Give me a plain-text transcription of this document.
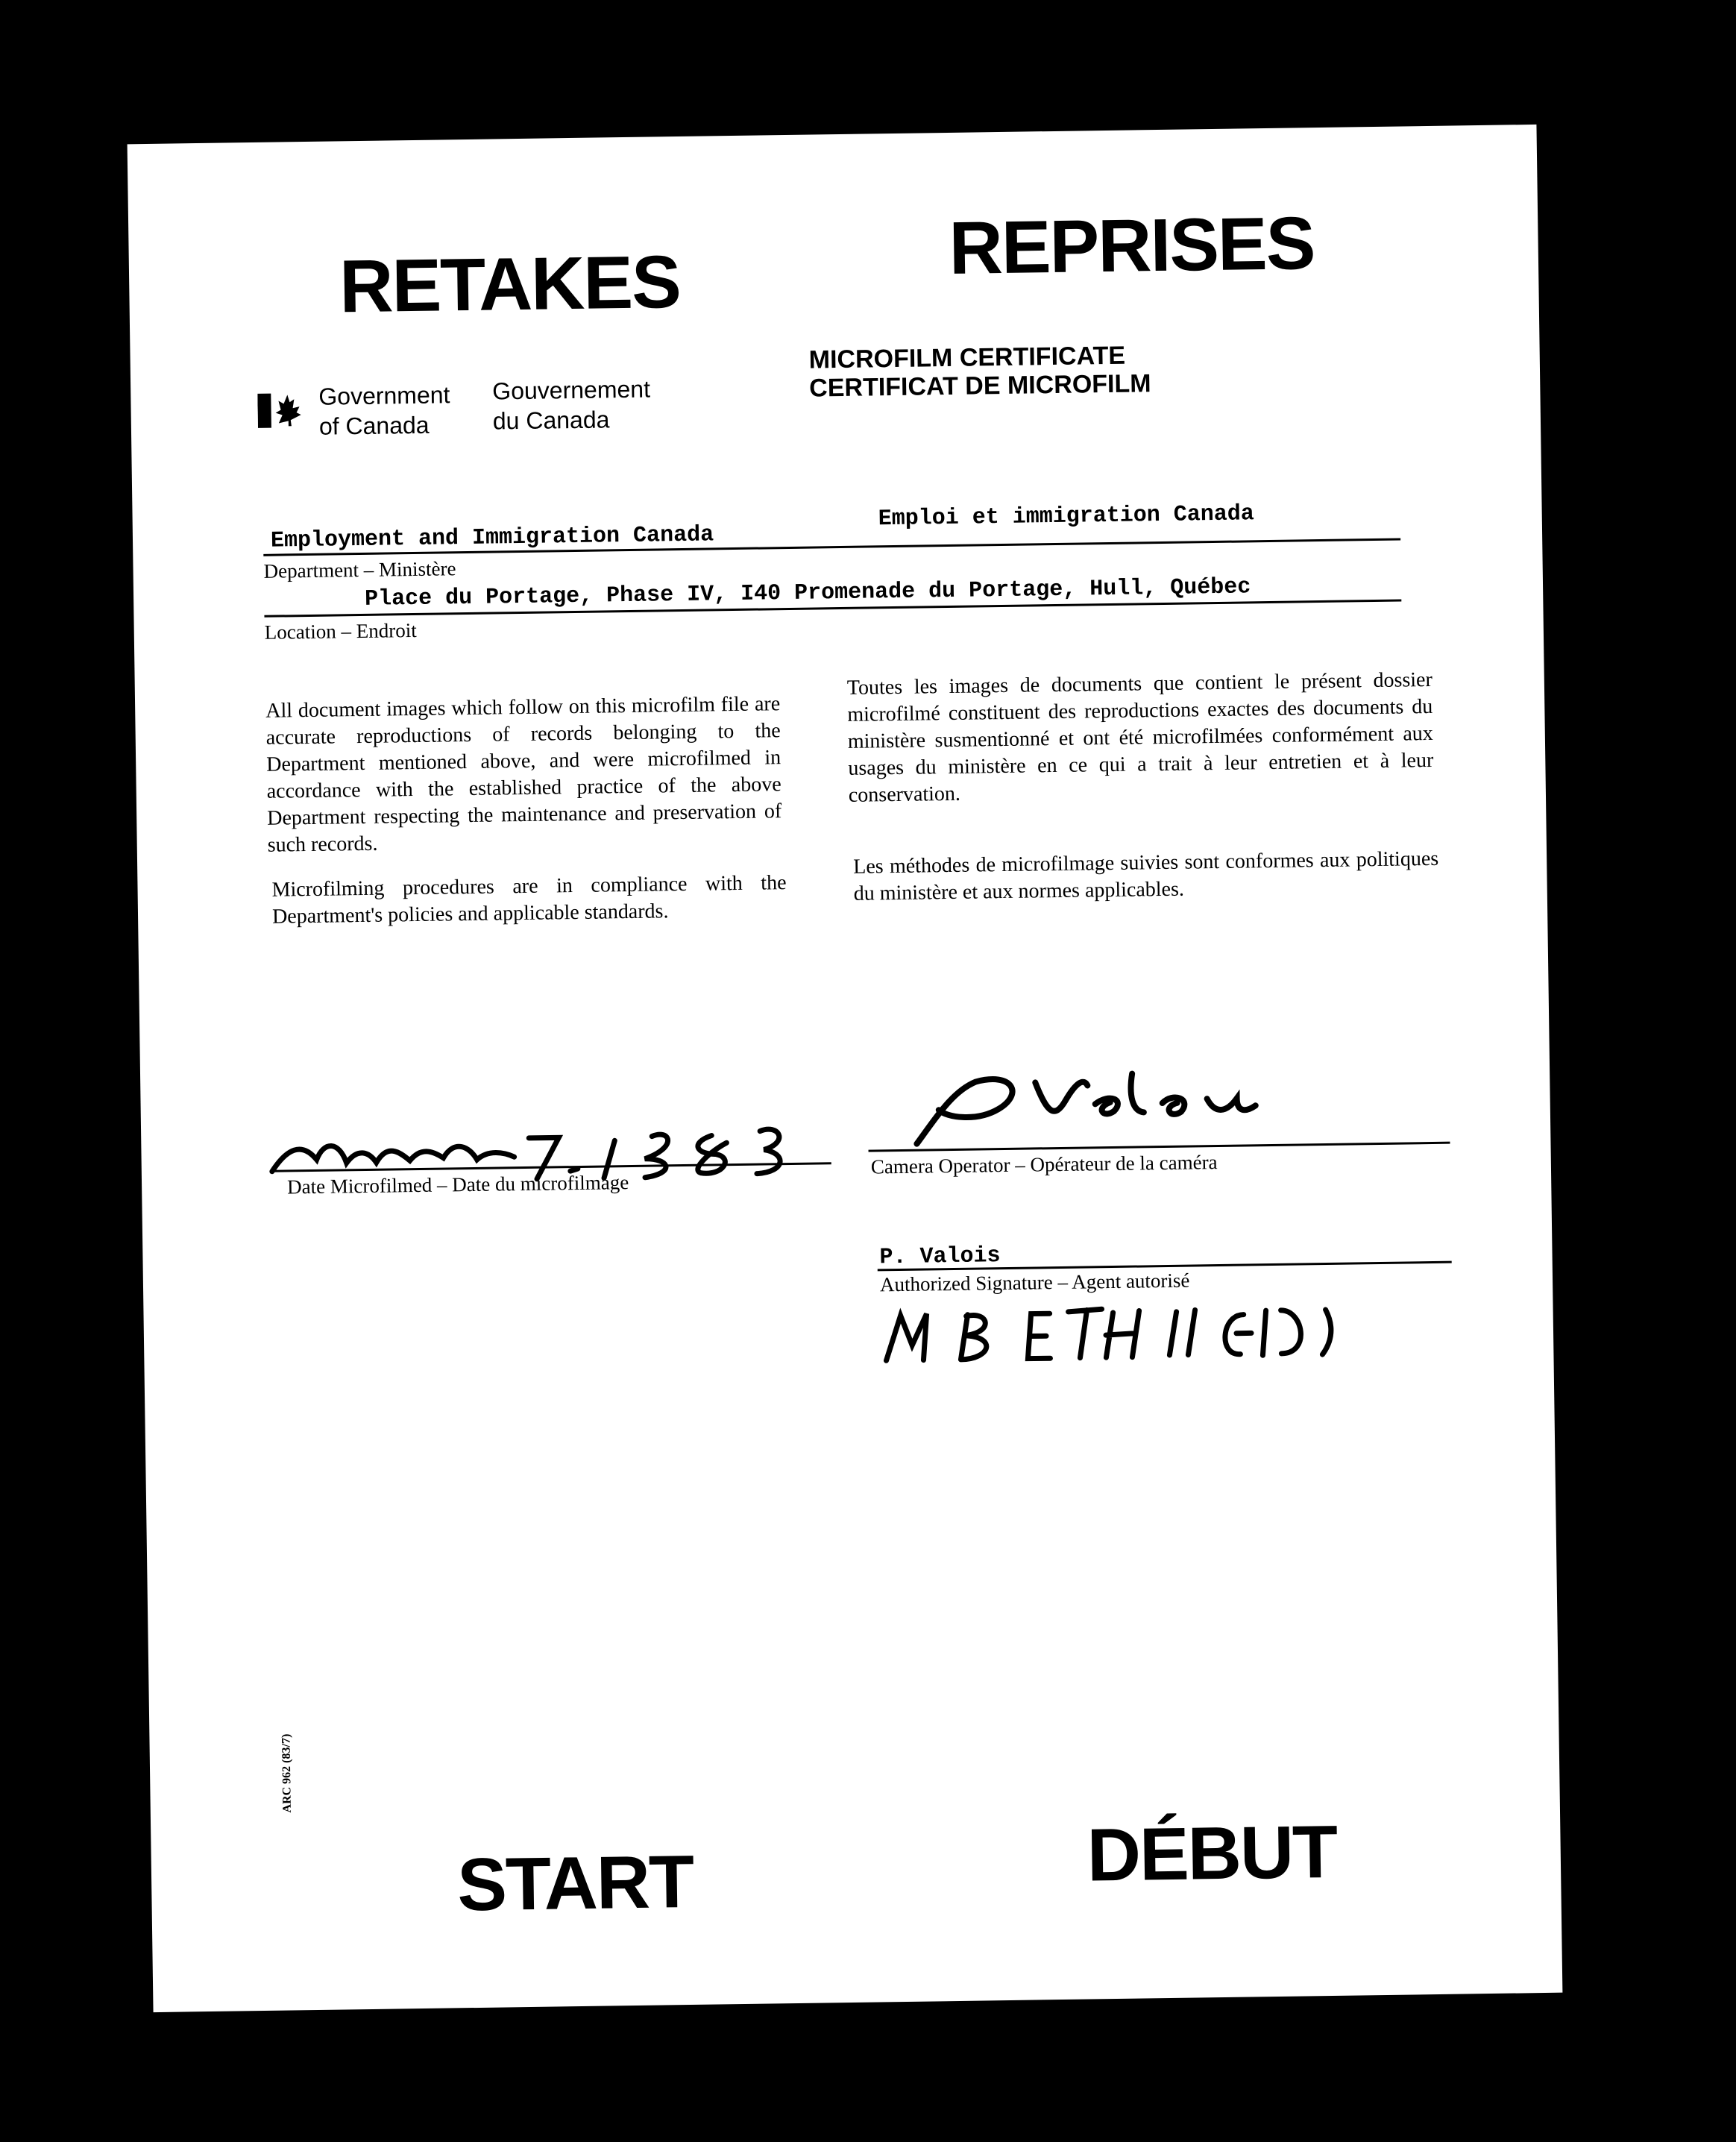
RETAKES	REPRISES
Government
of Canada
Gouvernement
du Canada
MICROFILM CERTIFICATE
CERTIFICAT DE MICROFILM
Employment and Immigration Canada
Emploi et immigration Canada
Department – Ministère
Place du Portage, Phase IV, I40 Promenade du Portage, Hull, Québec
Location – Endroit
All document images which follow on this microfilm file are accurate reproductions of records belonging to the Department mentioned above, and were microfilmed in accordance with the established practice of the above Department respecting the maintenance and preservation of such records.
Toutes les images de documents que contient le présent dossier microfilmé constituent des reproductions exactes des documents du ministère susmentionné et ont été microfilmées conformément aux usages du ministère en ce qui a trait à leur entretien et à leur conservation.
Microfilming procedures are in compliance with the Department's policies and applicable standards.
Les méthodes de microfilmage suivies sont conformes aux politiques du ministère et aux normes applicables.
Date Microfilmed – Date du microfilmage
Camera Operator – Opérateur de la caméra
P. Valois
Authorized Signature – Agent autorisé
ARC 962 (83/7)
START	DÉBUT
